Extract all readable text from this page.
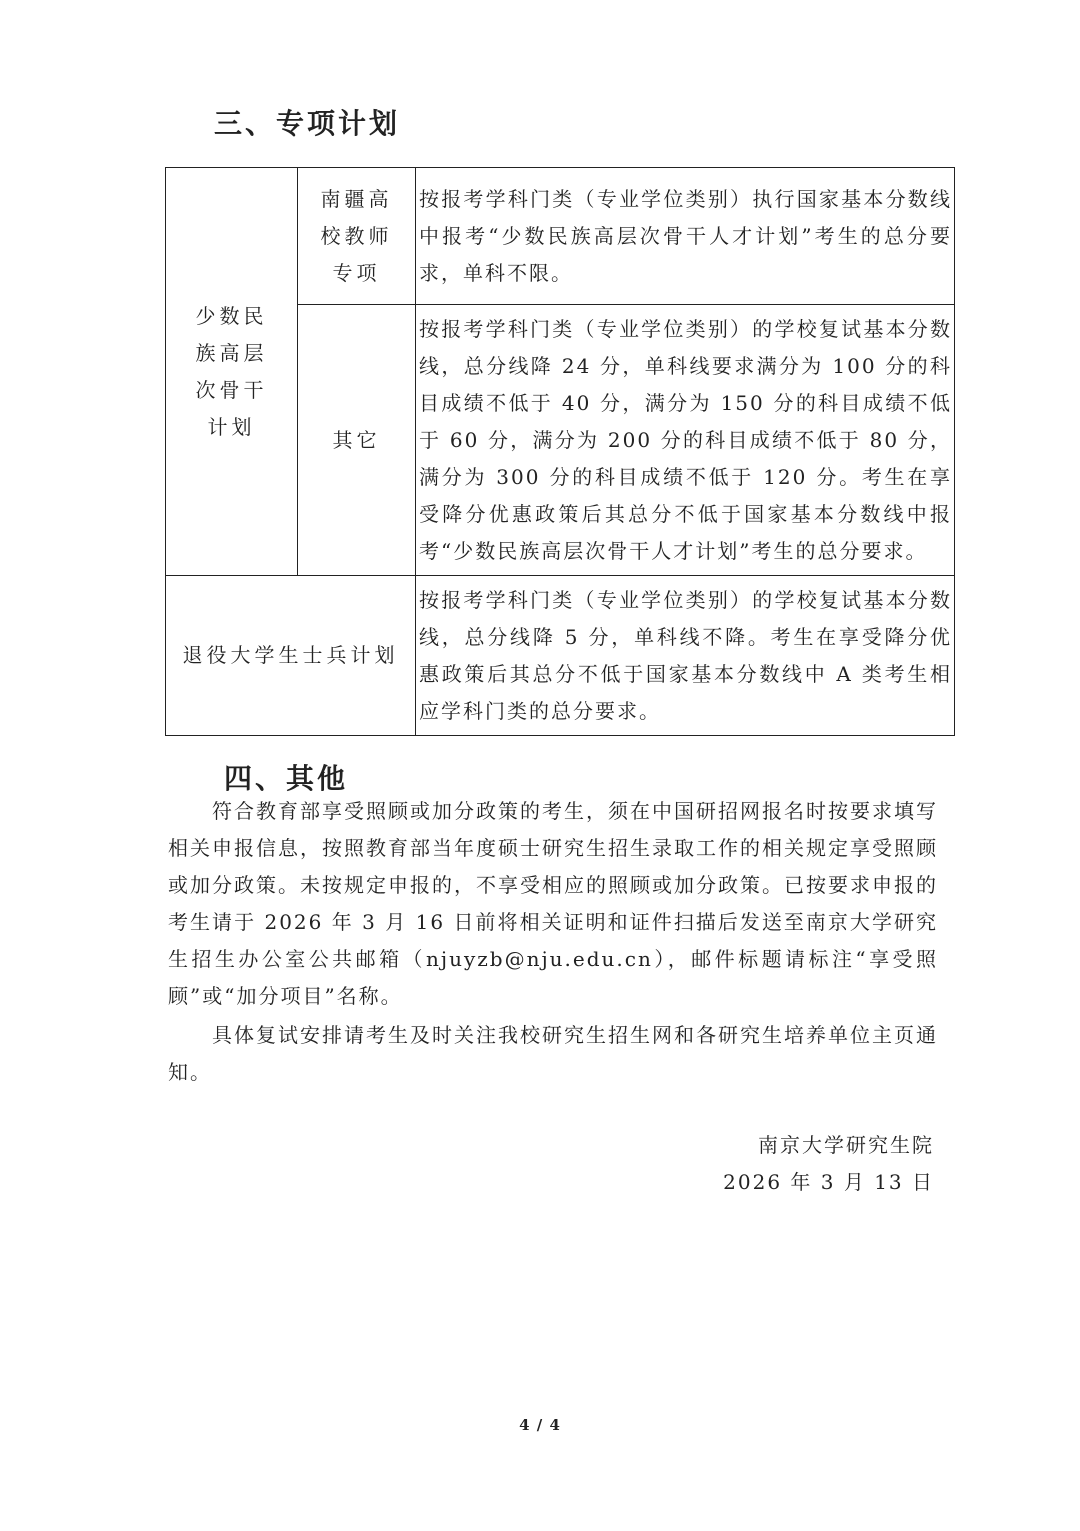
三、专项计划
少数民族高层次骨干计划	南疆高校教师专项	按报考学科门类（专业学位类别）执行国家基本分数线中报考“少数民族高层次骨干人才计划”考生的总分要求，单科不限。
	其它	按报考学科门类（专业学位类别）的学校复试基本分数线，总分线降 24 分，单科线要求满分为 100 分的科目成绩不低于 40 分，满分为 150 分的科目成绩不低于 60 分，满分为 200 分的科目成绩不低于 80 分，满分为 300 分的科目成绩不低于 120 分。考生在享受降分优惠政策后其总分不低于国家基本分数线中报考“少数民族高层次骨干人才计划”考生的总分要求。
退役大学生士兵计划		按报考学科门类（专业学位类别）的学校复试基本分数线，总分线降 5 分，单科线不降。考生在享受降分优惠政策后其总分不低于国家基本分数线中 A 类考生相应学科门类的总分要求。
四、其他

符合教育部享受照顾或加分政策的考生，须在中国研招网报名时按要求填写相关申报信息，按照教育部当年度硕士研究生招生录取工作的相关规定享受照顾或加分政策。未按规定申报的，不享受相应的照顾或加分政策。已按要求申报的考生请于 2026 年 3 月 16 日前将相关证明和证件扫描后发送至南京大学研究生招生办公室公共邮箱（njuyzb@nju.edu.cn），邮件标题请标注“享受照顾”或“加分项目”名称。

具体复试安排请考生及时关注我校研究生招生网和各研究生培养单位主页通知。

南京大学研究生院

2026 年 3 月 13 日

4 / 4
